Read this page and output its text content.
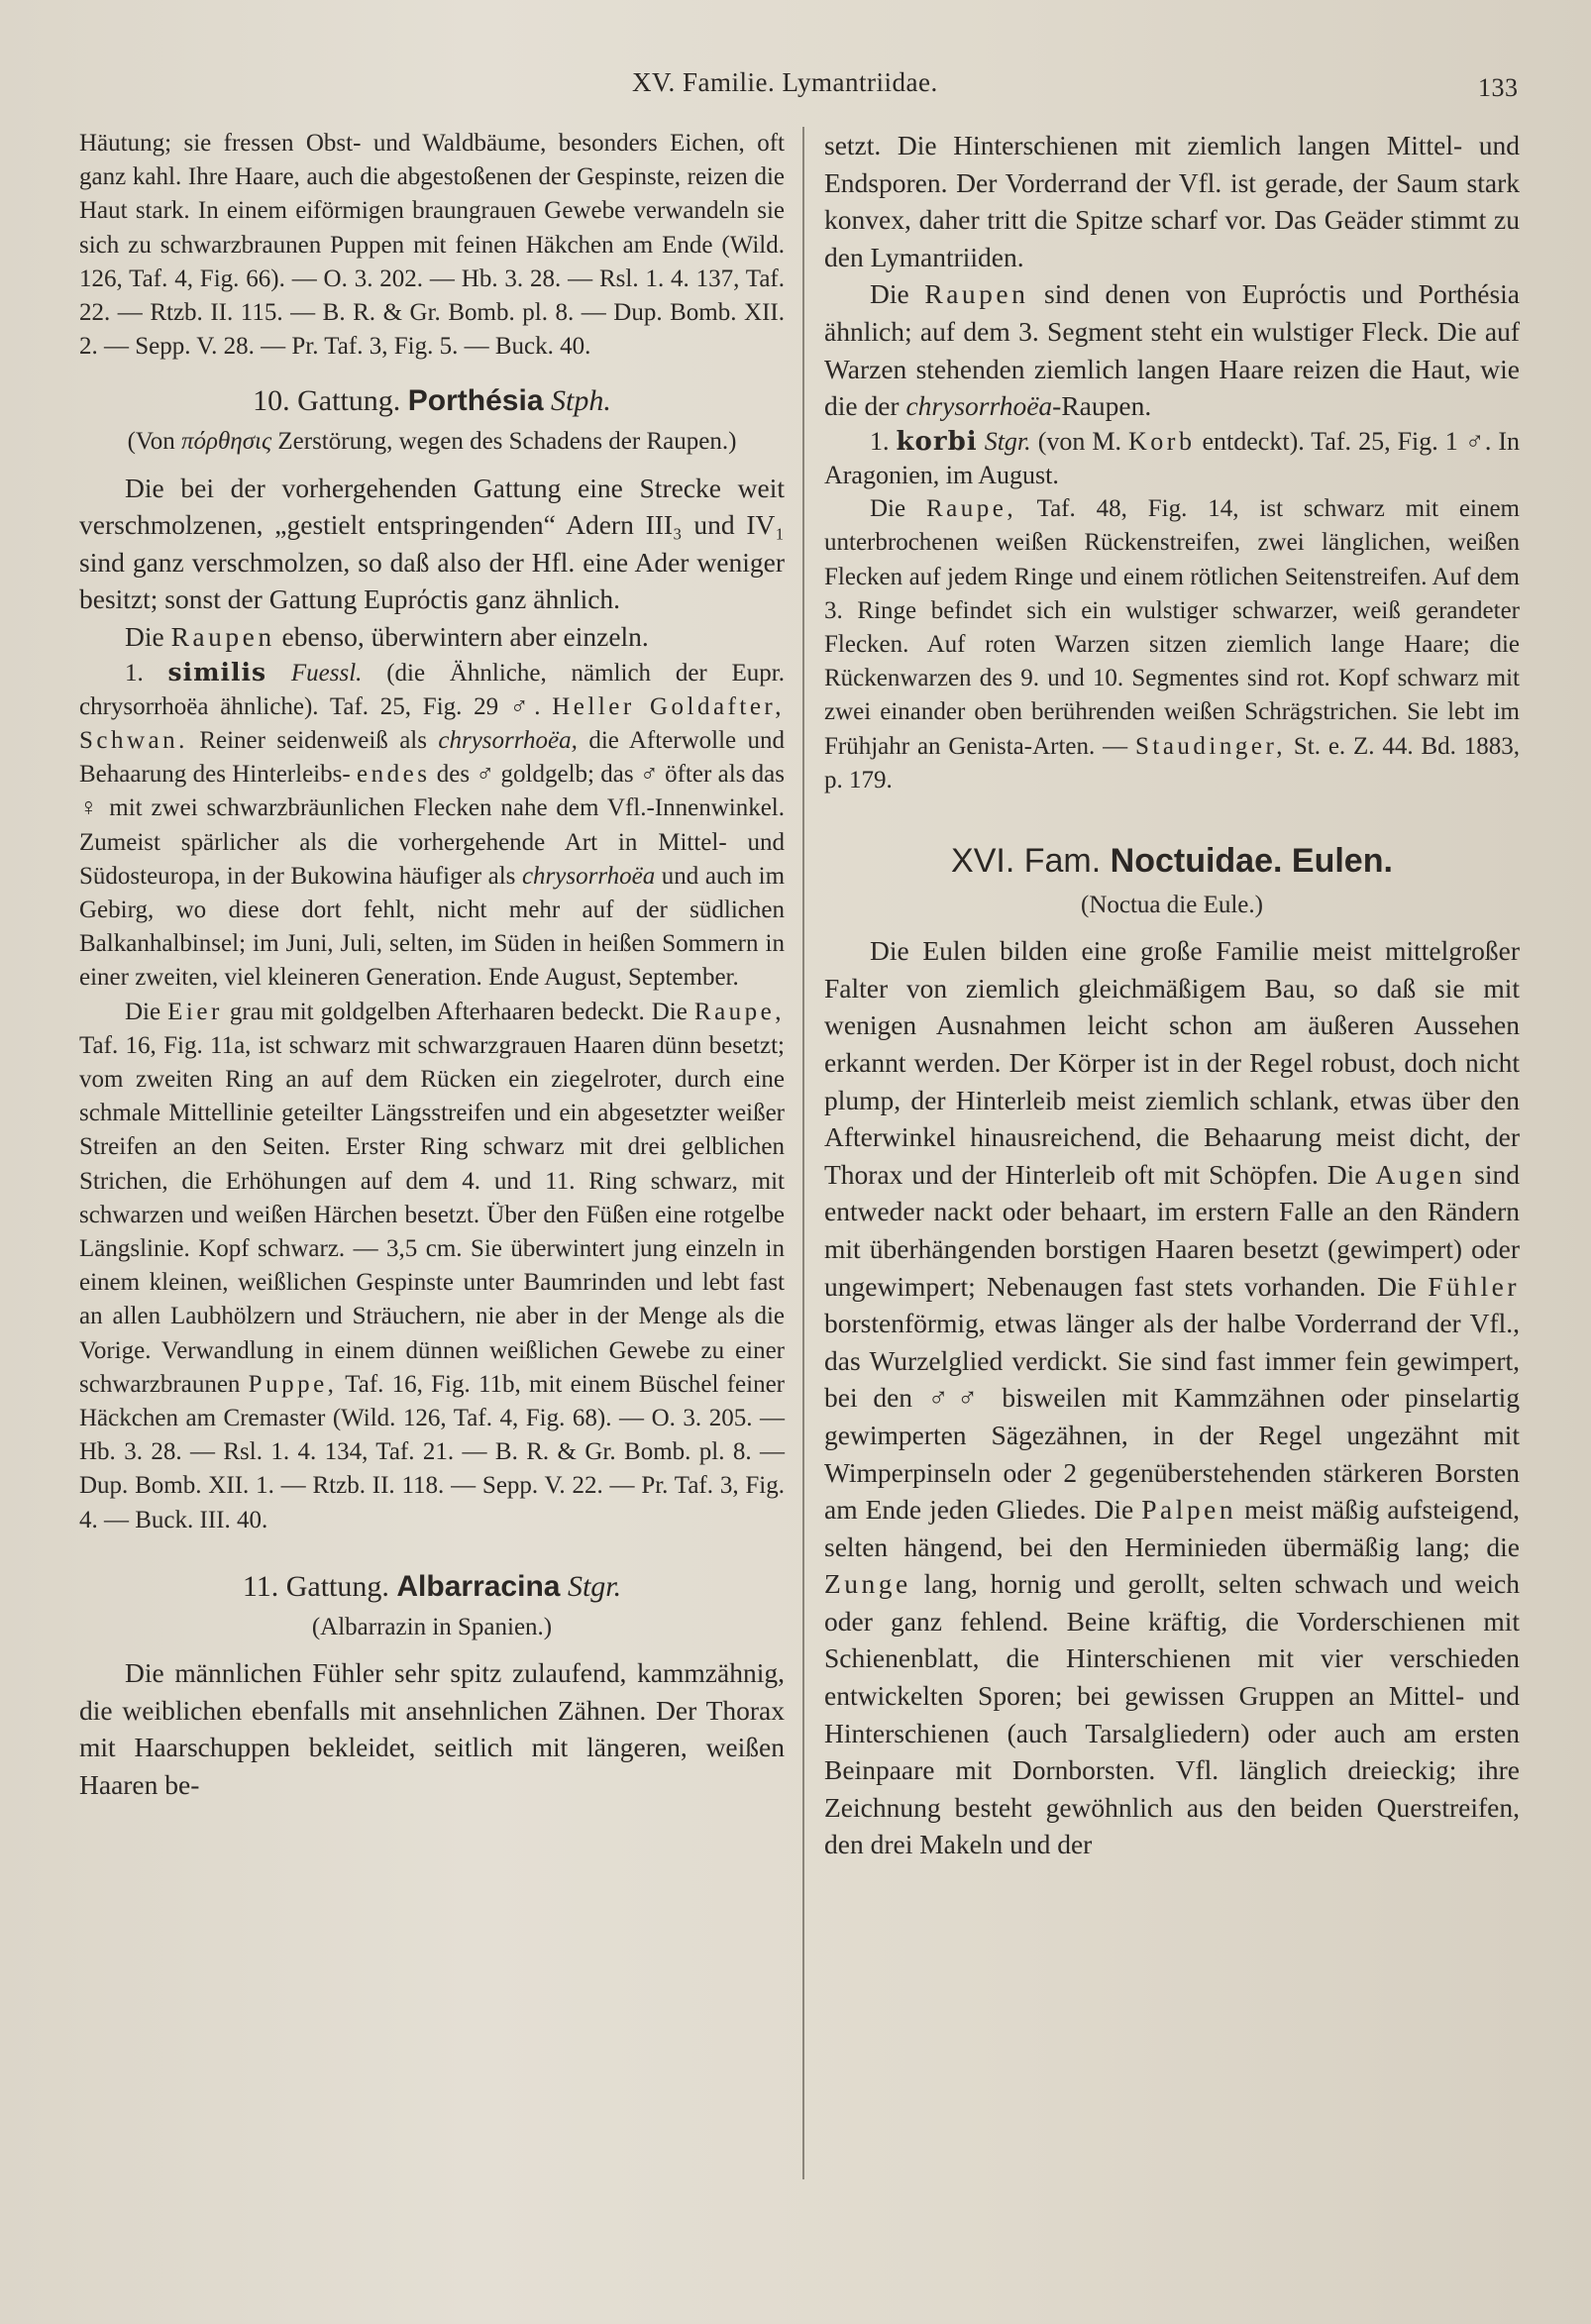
XV. Familie. Lymantriidae.	133

Häutung; sie fressen Obst- und Waldbäume, besonders Eichen, oft ganz kahl. Ihre Haare, auch die abgestoßenen der Gespinste, reizen die Haut stark. In einem eiförmigen braungrauen Gewebe verwandeln sie sich zu schwarzbraunen Puppen mit feinen Häkchen am Ende (Wild. 126, Taf. 4, Fig. 66). — O. 3. 202. — Hb. 3. 28. — Rsl. 1. 4. 137, Taf. 22. — Rtzb. II. 115. — B. R. & Gr. Bomb. pl. 8. — Dup. Bomb. XII. 2. — Sepp. V. 28. — Pr. Taf. 3, Fig. 5. — Buck. 40.

10. Gattung. Porthésia Stph.

(Von πόρθησις Zerstörung, wegen des Schadens der Raupen.)

Die bei der vorhergehenden Gattung eine Strecke weit verschmolzenen, „gestielt entspringenden“ Adern III₃ und IV₁ sind ganz verschmolzen, so daß also der Hfl. eine Ader weniger besitzt; sonst der Gattung Euprόctis ganz ähnlich.

Die Raupen ebenso, überwintern aber einzeln.

1. similis Fuessl. (die Ähnliche, nämlich der Eupr. chrysorrhoëa ähnliche). Taf. 25, Fig. 29 ♂. Heller Goldafter, Schwan. Reiner seidenweiß als chrysorrhoëa, die Afterwolle und Behaarung des Hinterleibs- endes des ♂ goldgelb; das ♂ öfter als das ♀ mit zwei schwarzbräunlichen Flecken nahe dem Vfl.-Innenwinkel. Zumeist spärlicher als die vorhergehende Art in Mittel- und Südosteuropa, in der Bukowina häufiger als chrysorrhoëa und auch im Gebirg, wo diese dort fehlt, nicht mehr auf der südlichen Balkanhalbinsel; im Juni, Juli, selten, im Süden in heißen Sommern in einer zweiten, viel kleineren Generation. Ende August, September.

Die Eier grau mit goldgelben Afterhaaren bedeckt. Die Raupe, Taf. 16, Fig. 11a, ist schwarz mit schwarzgrauen Haaren dünn besetzt; vom zweiten Ring an auf dem Rücken ein ziegelroter, durch eine schmale Mittellinie geteilter Längsstreifen und ein abgesetzter weißer Streifen an den Seiten. Erster Ring schwarz mit drei gelblichen Strichen, die Erhöhungen auf dem 4. und 11. Ring schwarz, mit schwarzen und weißen Härchen besetzt. Über den Füßen eine rotgelbe Längslinie. Kopf schwarz. — 3,5 cm. Sie überwintert jung einzeln in einem kleinen, weißlichen Gespinste unter Baumrinden und lebt fast an allen Laubhölzern und Sträuchern, nie aber in der Menge als die Vorige. Verwandlung in einem dünnen weißlichen Gewebe zu einer schwarzbraunen Puppe, Taf. 16, Fig. 11b, mit einem Büschel feiner Häckchen am Cremaster (Wild. 126, Taf. 4, Fig. 68). — O. 3. 205. — Hb. 3. 28. — Rsl. 1. 4. 134, Taf. 21. — B. R. & Gr. Bomb. pl. 8. — Dup. Bomb. XII. 1. — Rtzb. II. 118. — Sepp. V. 22. — Pr. Taf. 3, Fig. 4. — Buck. III. 40.

11. Gattung. Albarracina Stgr.

(Albarrazin in Spanien.)

Die männlichen Fühler sehr spitz zulaufend, kammzähnig, die weiblichen ebenfalls mit ansehnlichen Zähnen. Der Thorax mit Haarschuppen bekleidet, seitlich mit längeren, weißen Haaren be-

setzt. Die Hinterschienen mit ziemlich langen Mittel- und Endsporen. Der Vorderrand der Vfl. ist gerade, der Saum stark konvex, daher tritt die Spitze scharf vor. Das Geäder stimmt zu den Lymantriiden.

Die Raupen sind denen von Euprόctis und Porthésia ähnlich; auf dem 3. Segment steht ein wulstiger Fleck. Die auf Warzen stehenden ziemlich langen Haare reizen die Haut, wie die der chrysorrhoëa-Raupen.

1. korbi Stgr. (von M. Korb entdeckt). Taf. 25, Fig. 1 ♂. In Aragonien, im August.

Die Raupe, Taf. 48, Fig. 14, ist schwarz mit einem unterbrochenen weißen Rückenstreifen, zwei länglichen, weißen Flecken auf jedem Ringe und einem rötlichen Seitenstreifen. Auf dem 3. Ringe befindet sich ein wulstiger schwarzer, weiß gerandeter Flecken. Auf roten Warzen sitzen ziemlich lange Haare; die Rückenwarzen des 9. und 10. Segmentes sind rot. Kopf schwarz mit zwei einander oben berührenden weißen Schrägstrichen. Sie lebt im Frühjahr an Genista-Arten. — Staudinger, St. e. Z. 44. Bd. 1883, p. 179.

XVI. Fam. Noctuidae. Eulen.

(Noctua die Eule.)

Die Eulen bilden eine große Familie meist mittelgroßer Falter von ziemlich gleichmäßigem Bau, so daß sie mit wenigen Ausnahmen leicht schon am äußeren Aussehen erkannt werden. Der Körper ist in der Regel robust, doch nicht plump, der Hinterleib meist ziemlich schlank, etwas über den Afterwinkel hinausreichend, die Behaarung meist dicht, der Thorax und der Hinterleib oft mit Schöpfen. Die Augen sind entweder nackt oder behaart, im erstern Falle an den Rändern mit überhängenden borstigen Haaren besetzt (gewimpert) oder ungewimpert; Nebenaugen fast stets vorhanden. Die Fühler borstenförmig, etwas länger als der halbe Vorderrand der Vfl., das Wurzelglied verdickt. Sie sind fast immer fein gewimpert, bei den ♂♂ bisweilen mit Kammzähnen oder pinselartig gewimperten Sägezähnen, in der Regel ungezähnt mit Wimperpinseln oder 2 gegenüberstehenden stärkeren Borsten am Ende jeden Gliedes. Die Palpen meist mäßig aufsteigend, selten hängend, bei den Herminieden übermäßig lang; die Zunge lang, hornig und gerollt, selten schwach und weich oder ganz fehlend. Beine kräftig, die Vorderschienen mit Schienenblatt, die Hinterschienen mit vier verschieden entwickelten Sporen; bei gewissen Gruppen an Mittel- und Hinterschienen (auch Tarsalgliedern) oder auch am ersten Beinpaare mit Dornborsten. Vfl. länglich dreieckig; ihre Zeichnung besteht gewöhnlich aus den beiden Querstreifen, den drei Makeln und der
